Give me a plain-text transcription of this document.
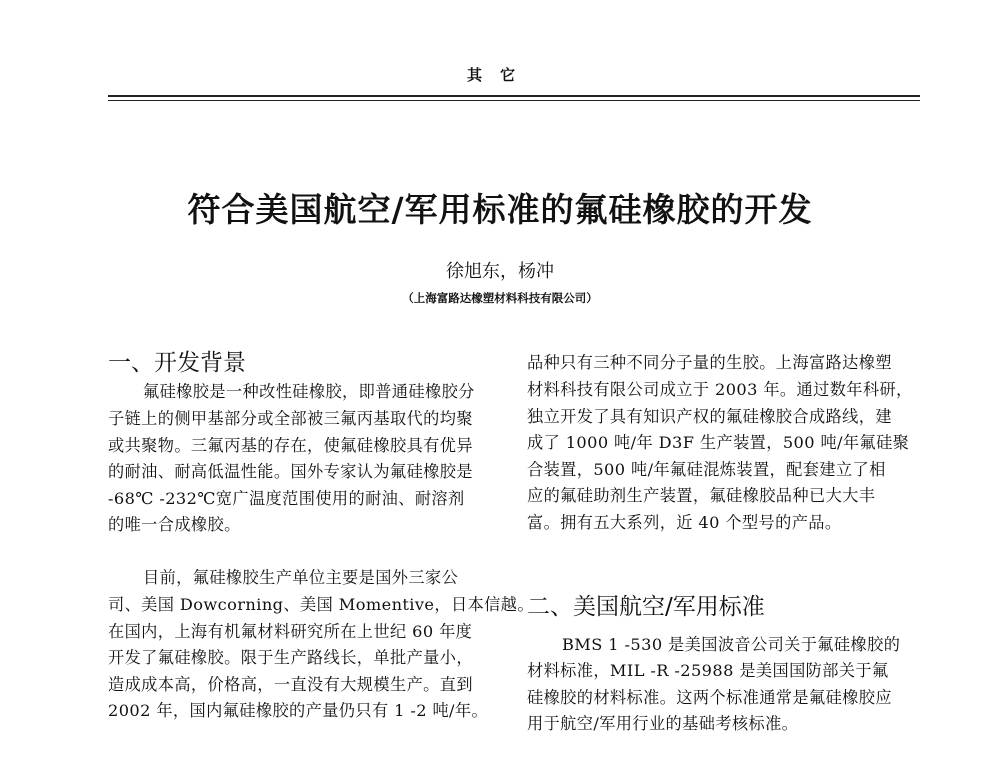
其它
符合美国航空/军用标准的氟硅橡胶的开发
徐旭东，杨冲
（上海富路达橡塑材料科技有限公司）
一、开发背景
氟硅橡胶是一种改性硅橡胶，即普通硅橡胶分
子链上的侧甲基部分或全部被三氟丙基取代的均聚
或共聚物。三氟丙基的存在，使氟硅橡胶具有优异
的耐油、耐高低温性能。国外专家认为氟硅橡胶是
-68℃ -232℃宽广温度范围使用的耐油、耐溶剂
的唯一合成橡胶。
目前，氟硅橡胶生产单位主要是国外三家公
司、美国 Dowcorning、美国 Momentive，日本信越。
在国内，上海有机氟材料研究所在上世纪 60 年度
开发了氟硅橡胶。限于生产路线长，单批产量小，
造成成本高，价格高，一直没有大规模生产。直到
2002 年，国内氟硅橡胶的产量仍只有 1 -2 吨/年。
品种只有三种不同分子量的生胶。上海富路达橡塑
材料科技有限公司成立于 2003 年。通过数年科研，
独立开发了具有知识产权的氟硅橡胶合成路线，建
成了 1000 吨/年 D3F 生产装置，500 吨/年氟硅聚
合装置，500 吨/年氟硅混炼装置，配套建立了相
应的氟硅助剂生产装置，氟硅橡胶品种已大大丰
富。拥有五大系列，近 40 个型号的产品。
二、美国航空/军用标准
BMS 1 -530 是美国波音公司关于氟硅橡胶的
材料标准，MIL -R -25988 是美国国防部关于氟
硅橡胶的材料标准。这两个标准通常是氟硅橡胶应
用于航空/军用行业的基础考核标准。
